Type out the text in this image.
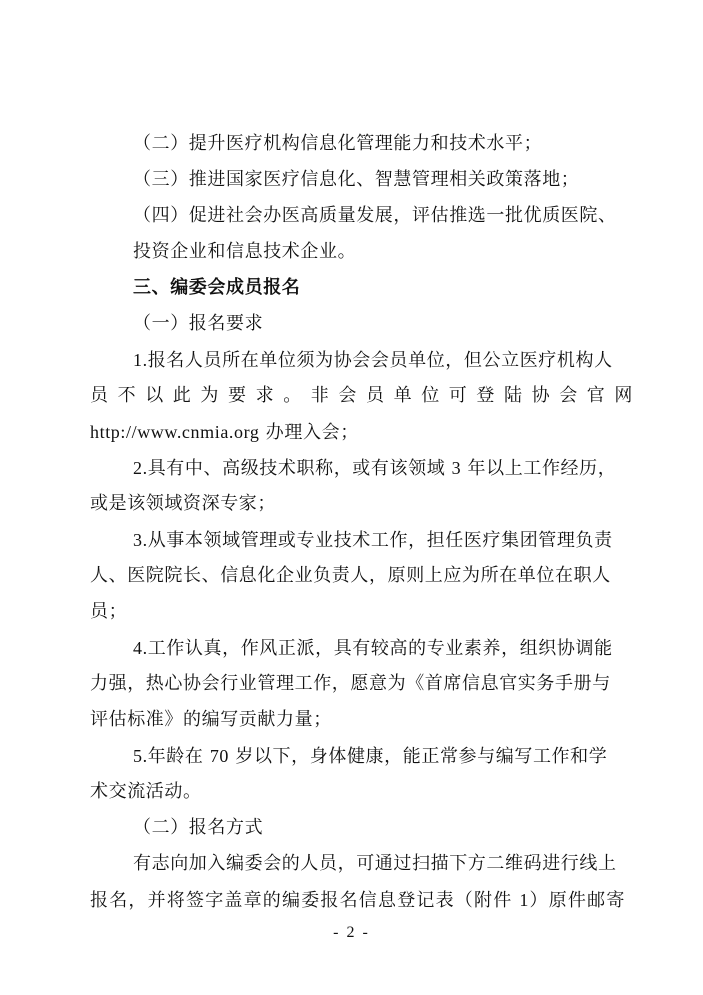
（二）提升医疗机构信息化管理能力和技术水平；
（三）推进国家医疗信息化、智慧管理相关政策落地；
（四）促进社会办医高质量发展，评估推选一批优质医院、
投资企业和信息技术企业。
三、编委会成员报名
（一）报名要求
1.报名人员所在单位须为协会会员单位，但公立医疗机构人
员不以此为要求。非会员单位可登陆协会官网
http://www.cnmia.org 办理入会；
2.具有中、高级技术职称，或有该领域 3 年以上工作经历，
或是该领域资深专家；
3.从事本领域管理或专业技术工作，担任医疗集团管理负责
人、医院院长、信息化企业负责人，原则上应为所在单位在职人
员；
4.工作认真，作风正派，具有较高的专业素养，组织协调能
力强，热心协会行业管理工作，愿意为《首席信息官实务手册与
评估标准》的编写贡献力量；
5.年龄在 70 岁以下，身体健康，能正常参与编写工作和学
术交流活动。
（二）报名方式
有志向加入编委会的人员，可通过扫描下方二维码进行线上
报名，并将签字盖章的编委报名信息登记表（附件 1）原件邮寄
- 2 -
